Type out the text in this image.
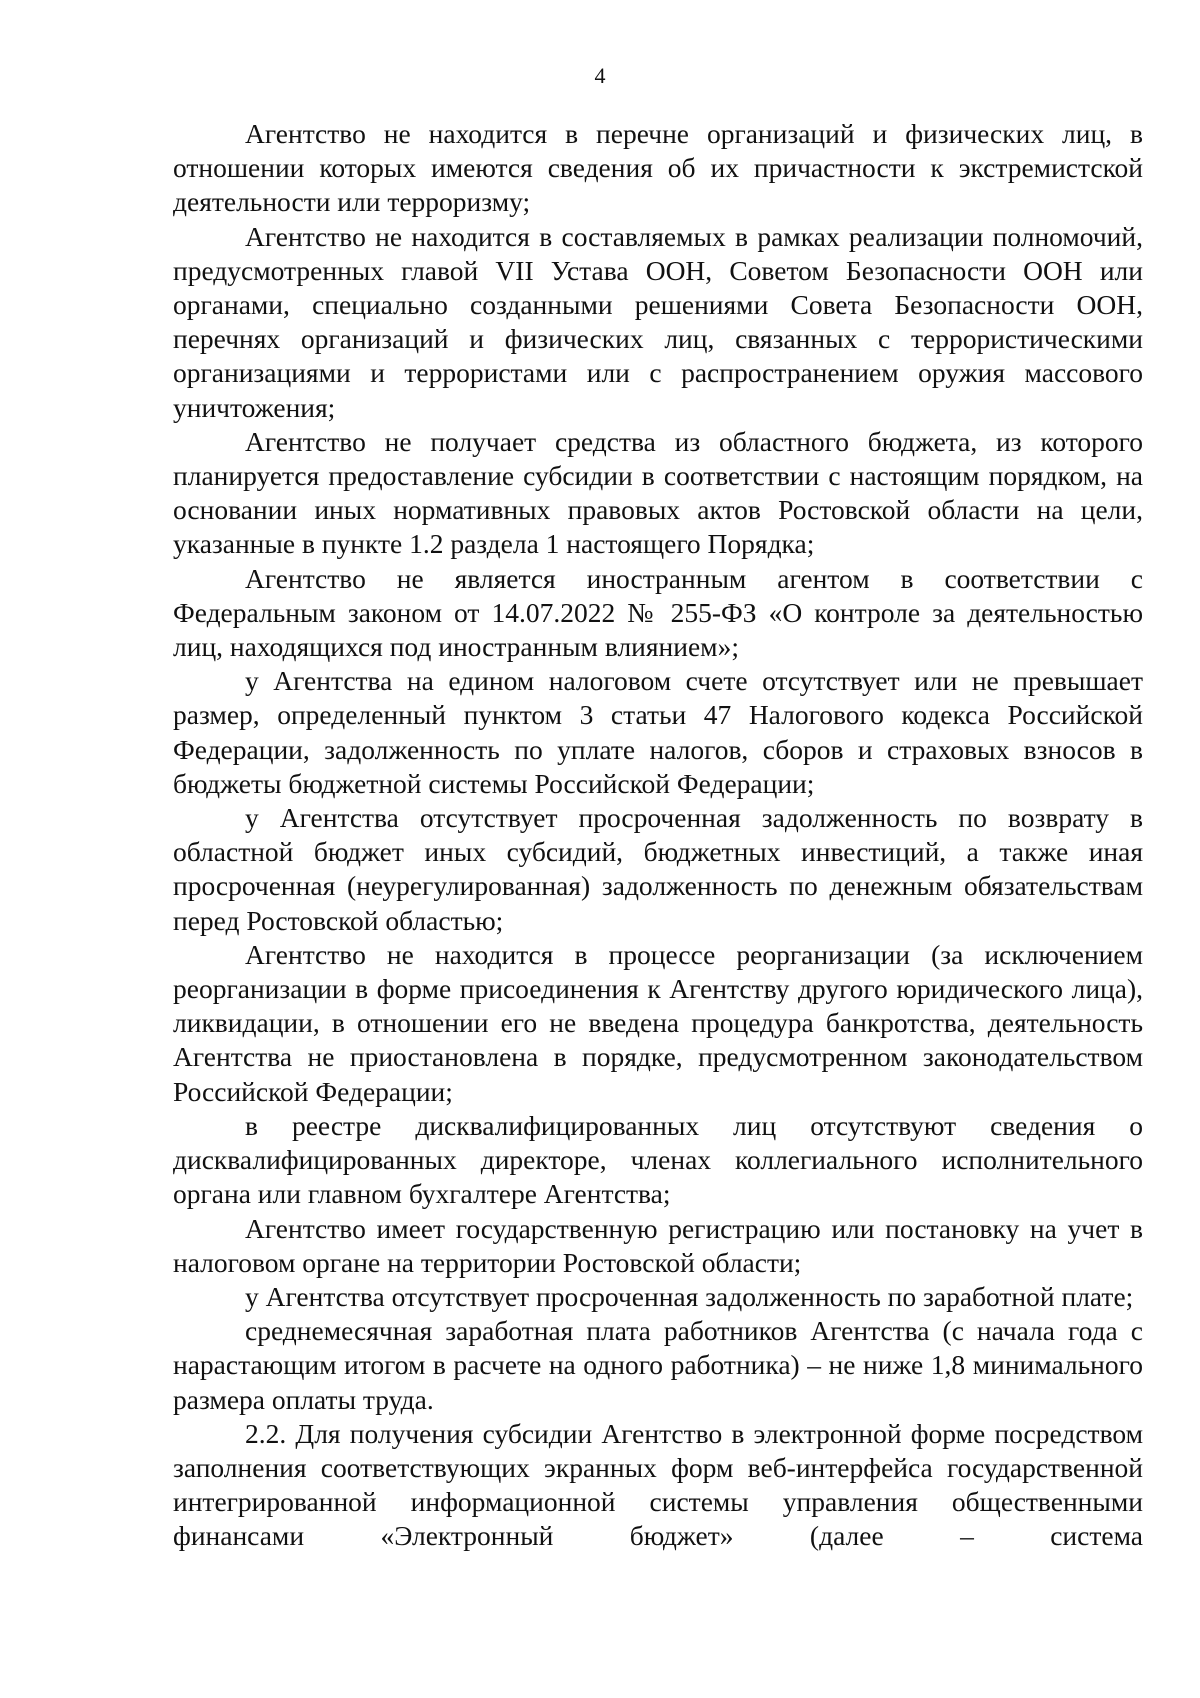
4

Агентство не находится в перечне организаций и физических лиц, в отношении которых имеются сведения об их причастности к экстремистской деятельности или терроризму;

Агентство не находится в составляемых в рамках реализации полномочий, предусмотренных главой VII Устава ООН, Советом Безопасности ООН или органами, специально созданными решениями Совета Безопасности ООН, перечнях организаций и физических лиц, связанных с террористическими организациями и террористами или с распространением оружия массового уничтожения;

Агентство не получает средства из областного бюджета, из которого планируется предоставление субсидии в соответствии с настоящим порядком, на основании иных нормативных правовых актов Ростовской области на цели, указанные в пункте 1.2 раздела 1 настоящего Порядка;

Агентство не является иностранным агентом в соответствии с Федеральным законом от 14.07.2022 № 255-ФЗ «О контроле за деятельностью лиц, находящихся под иностранным влиянием»;

у Агентства на едином налоговом счете отсутствует или не превышает размер, определенный пунктом 3 статьи 47 Налогового кодекса Российской Федерации, задолженность по уплате налогов, сборов и страховых взносов в бюджеты бюджетной системы Российской Федерации;

у Агентства отсутствует просроченная задолженность по возврату в областной бюджет иных субсидий, бюджетных инвестиций, а также иная просроченная (неурегулированная) задолженность по денежным обязательствам перед Ростовской областью;

Агентство не находится в процессе реорганизации (за исключением реорганизации в форме присоединения к Агентству другого юридического лица), ликвидации, в отношении его не введена процедура банкротства, деятельность Агентства не приостановлена в порядке, предусмотренном законодательством Российской Федерации;

в реестре дисквалифицированных лиц отсутствуют сведения о дисквалифицированных директоре, членах коллегиального исполнительного органа или главном бухгалтере Агентства;

Агентство имеет государственную регистрацию или постановку на учет в налоговом органе на территории Ростовской области;

у Агентства отсутствует просроченная задолженность по заработной плате;

среднемесячная заработная плата работников Агентства (с начала года с нарастающим итогом в расчете на одного работника) – не ниже 1,8 минимального размера оплаты труда.

2.2. Для получения субсидии Агентство в электронной форме посредством заполнения соответствующих экранных форм веб-интерфейса государственной интегрированной информационной системы управления общественными финансами «Электронный бюджет» (далее – система
